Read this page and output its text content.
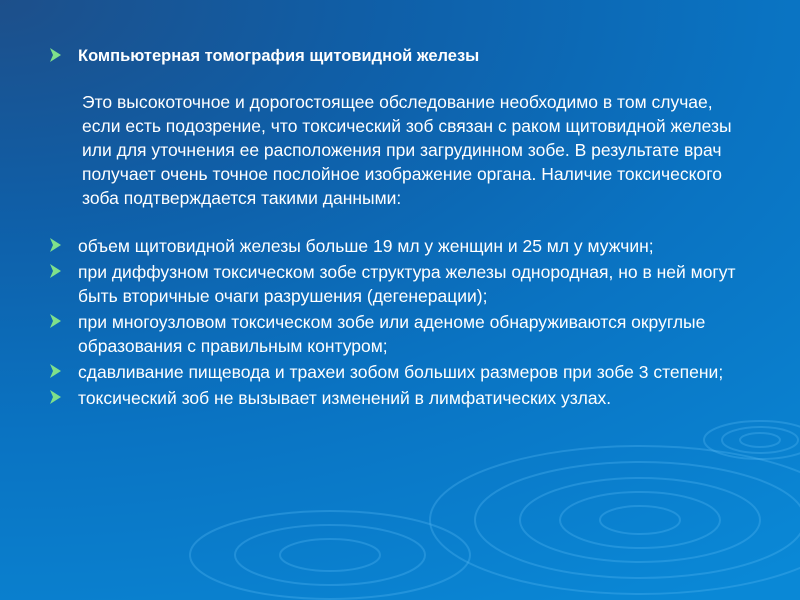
Компьютерная томография щитовидной железы
Это высокоточное и дорогостоящее обследование необходимо в том случае, если есть подозрение, что токсический зоб связан с раком щитовидной железы или для уточнения ее расположения при загрудинном зобе. В результате врач получает очень точное послойное изображение органа. Наличие токсического зоба подтверждается такими данными:
объем щитовидной железы больше 19 мл у женщин и 25 мл у мужчин;
при диффузном токсическом зобе структура железы однородная, но в ней могут быть вторичные очаги разрушения (дегенерации);
при многоузловом токсическом зобе или аденоме обнаруживаются округлые образования с правильным контуром;
сдавливание пищевода и трахеи зобом больших размеров при зобе 3 степени;
токсический зоб не вызывает изменений в лимфатических узлах.
